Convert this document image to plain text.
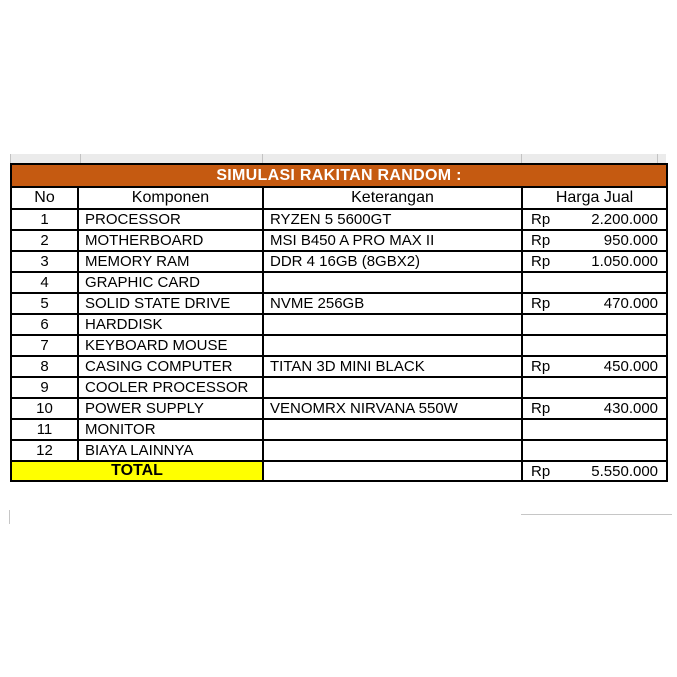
SIMULASI RAKITAN RANDOM :			
No	Komponen	Keterangan	Harga Jual
1	PROCESSOR	RYZEN 5 5600GT	Rp 2.200.000

2	MOTHERBOARD	MSI B450 A PRO MAX II	Rp 950.000

3	MEMORY RAM	DDR 4 16GB (8GBX2)	Rp 1.050.000

4	GRAPHIC CARD		

5	SOLID STATE DRIVE	NVME 256GB	Rp 470.000

6	HARDDISK		

7	KEYBOARD MOUSE		

8	CASING COMPUTER	TITAN 3D MINI BLACK	Rp 450.000

9	COOLER PROCESSOR		

10	POWER SUPPLY	VENOMRX NIRVANA 550W	Rp 430.000

11	MONITOR		

12	BIAYA LAINNYA		

TOTAL			Rp 5.550.000
